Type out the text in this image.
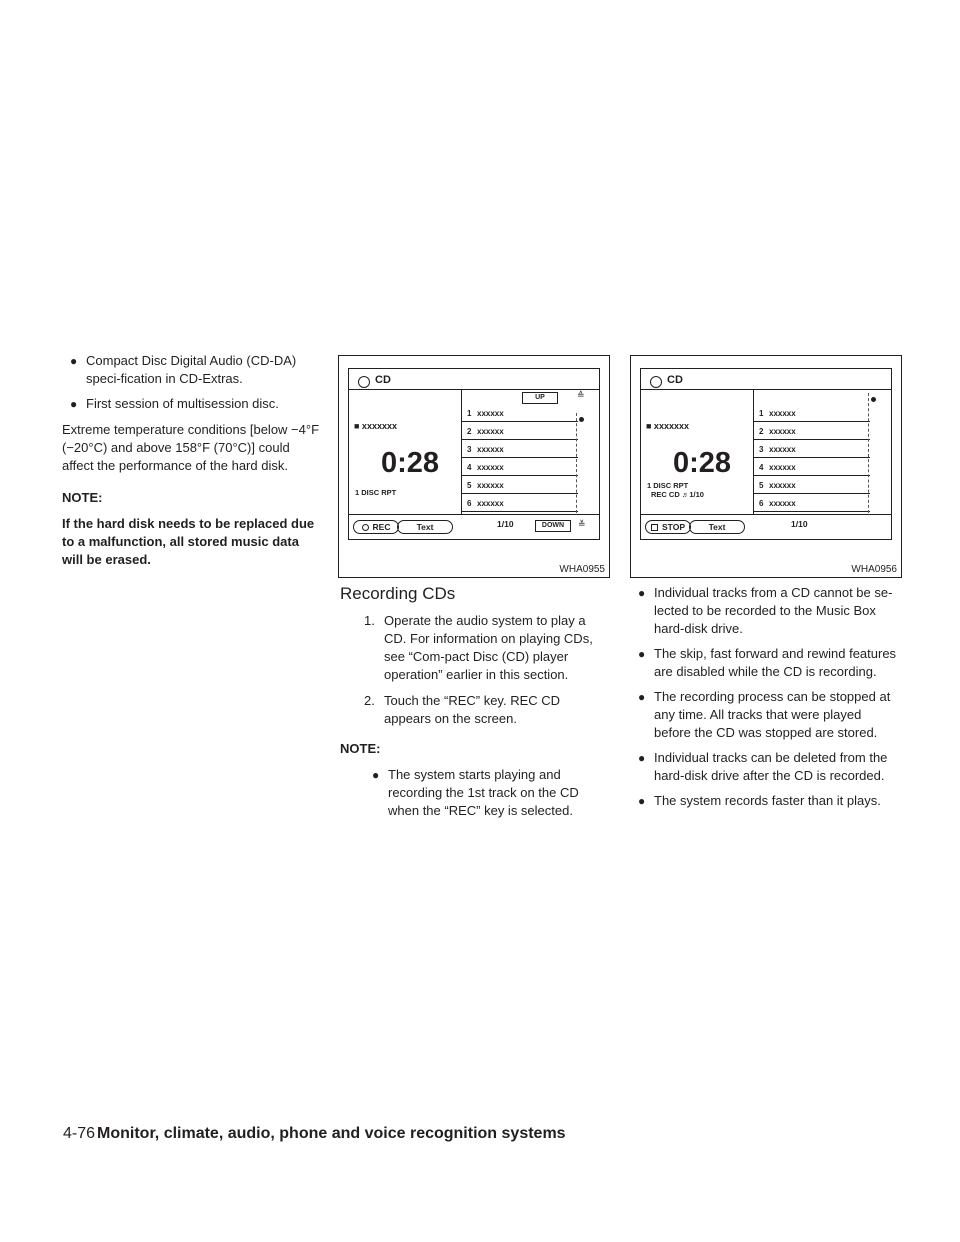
● Compact Disc Digital Audio (CD-DA) speci-fication in CD-Extras.
● First session of multisession disc.

Extreme temperature conditions [below −4°F (−20°C) and above 158°F (70°C)] could affect the performance of the hard disk.

NOTE:
If the hard disk needs to be replaced due to a malfunction, all stored music data will be erased.
CD
■ xxxxxxx
0:28
1 DISC RPT
UP	≙
1 xxxxxx
2 xxxxxx
3 xxxxxx
4 xxxxxx
5 xxxxxx
6 xxxxxx
REC	Text	1/10	DOWN	≚
WHA0955
CD
■ xxxxxxx
0:28
1 DISC RPT
REC CD ♬1/10
1 xxxxxx
2 xxxxxx
3 xxxxxx
4 xxxxxx
5 xxxxxx
6 xxxxxx
STOP	Text	1/10
WHA0956
Recording CDs
1. Operate the audio system to play a CD. For information on playing CDs, see “Com-pact Disc (CD) player operation” earlier in this section.
2. Touch the “REC” key. REC CD appears on the screen.
NOTE:
● The system starts playing and recording the 1st track on the CD when the “REC” key is selected.
● Individual tracks from a CD cannot be se-lected to be recorded to the Music Box hard-disk drive.
● The skip, fast forward and rewind features are disabled while the CD is recording.
● The recording process can be stopped at any time. All tracks that were played before the CD was stopped are stored.
● Individual tracks can be deleted from the hard-disk drive after the CD is recorded.
● The system records faster than it plays.
4-76 Monitor, climate, audio, phone and voice recognition systems
